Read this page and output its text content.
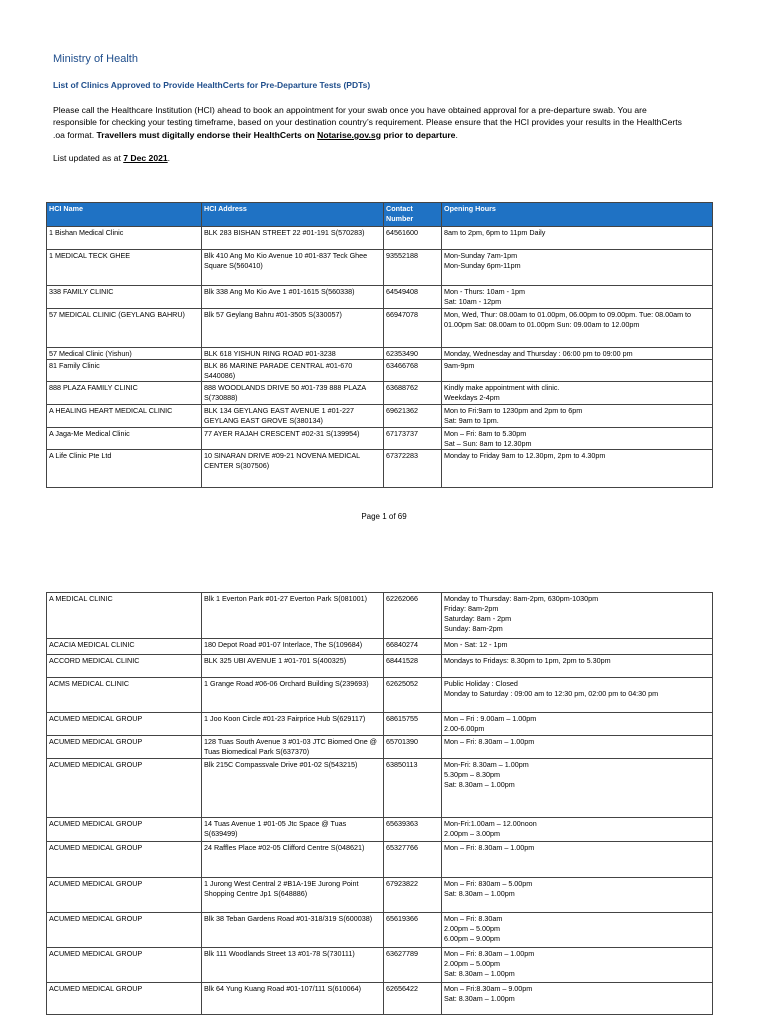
Ministry of Health
List of Clinics Approved to Provide HealthCerts for Pre-Departure Tests (PDTs)
Please call the Healthcare Institution (HCI) ahead to book an appointment for your swab once you have obtained approval for a pre-departure swab. You are responsible for checking your testing timeframe, based on your destination country’s requirement. Please ensure that the HCI provides your results in the HealthCerts .oa format. Travellers must digitally endorse their HealthCerts on Notarise.gov.sg prior to departure.
List updated as at 7 Dec 2021.
HCI Name	HCI Address	Contact Number	Opening Hours
1 Bishan Medical Clinic	BLK 283 BISHAN STREET 22 #01-191 S(570283)	64561600	8am to 2pm, 6pm to 11pm Daily
1 MEDICAL TECK GHEE	Blk 410 Ang Mo Kio Avenue 10 #01-837 Teck Ghee Square S(560410)	93552188	Mon-Sunday 7am-1pm
Mon-Sunday 6pm-11pm
338 FAMILY CLINIC	Blk 338 Ang Mo Kio Ave 1 #01-1615 S(560338)	64549408	Mon - Thurs: 10am - 1pm
Sat: 10am - 12pm
57 MEDICAL CLINIC (GEYLANG BAHRU)	Blk 57 Geylang Bahru #01-3505 S(330057)	66947078	Mon, Wed, Thur: 08.00am to 01.00pm, 06.00pm to 09.00pm. Tue: 08.00am to 01.00pm Sat: 08.00am to 01.00pm Sun: 09.00am to 12.00pm
57 Medical Clinic (Yishun)	BLK 618 YISHUN RING ROAD #01-3238	62353490	Monday, Wednesday and Thursday : 06:00 pm to 09:00 pm
81 Family Clinic	BLK 86 MARINE PARADE CENTRAL #01-670 S440086)	63466768	9am-9pm
888 PLAZA FAMILY CLINIC	888 WOODLANDS DRIVE 50 #01-739 888 PLAZA S(730888)	63688762	Kindly make appointment with clinic.
Weekdays 2-4pm
A HEALING HEART MEDICAL CLINIC	BLK 134 GEYLANG EAST AVENUE 1 #01-227 GEYLANG EAST GROVE S(380134)	69621362	Mon to Fri:9am to 1230pm and 2pm to 6pm
Sat: 9am to 1pm.
A Jaga-Me Medical Clinic	77 AYER RAJAH CRESCENT #02-31 S(139954)	67173737	Mon – Fri: 8am to 5.30pm
Sat – Sun: 8am to 12.30pm
A Life Clinic Pte Ltd	10 SINARAN DRIVE #09-21 NOVENA MEDICAL CENTER S(307506)	67372283	Monday to Friday 9am to 12.30pm, 2pm to 4.30pm
Page 1 of 69
A MEDICAL CLINIC	Blk 1 Everton Park #01-27 Everton Park S(081001)	62262066	Monday to Thursday: 8am-2pm, 630pm-1030pm
Friday: 8am-2pm
Saturday: 8am - 2pm
Sunday: 8am-2pm
ACACIA MEDICAL CLINIC	180 Depot Road #01-07 Interlace, The S(109684)	66840274	Mon - Sat: 12 - 1pm
ACCORD MEDICAL CLINIC	BLK 325 UBI AVENUE 1 #01-701 S(400325)	68441528	Mondays to Fridays: 8.30pm to 1pm, 2pm to 5.30pm
ACMS MEDICAL CLINIC	1 Grange Road #06-06 Orchard Building S(239693)	62625052	Public Holiday : Closed
Monday to Saturday : 09:00 am to 12:30 pm, 02:00 pm to 04:30 pm
ACUMED MEDICAL GROUP	1 Joo Koon Circle #01-23 Fairprice Hub S(629117)	68615755	Mon – Fri : 9.00am – 1.00pm
2.00-6.00pm
ACUMED MEDICAL GROUP	128 Tuas South Avenue 3 #01-03 JTC Biomed One @ Tuas Biomedical Park S(637370)	65701390	Mon – Fri: 8.30am – 1.00pm
ACUMED MEDICAL GROUP	Blk 215C Compassvale Drive #01-02 S(543215)	63850113	Mon-Fri: 8.30am – 1.00pm
5.30pm – 8.30pm
Sat: 8.30am – 1.00pm
ACUMED MEDICAL GROUP	14 Tuas Avenue 1 #01-05 Jtc Space @ Tuas S(639499)	65639363	Mon-Fri:1.00am – 12.00noon
2.00pm – 3.00pm
ACUMED MEDICAL GROUP	24 Raffles Place #02-05 Clifford Centre S(048621)	65327766	Mon – Fri: 8.30am – 1.00pm
ACUMED MEDICAL GROUP	1 Jurong West Central 2 #B1A-19E Jurong Point Shopping Centre Jp1 S(648886)	67923822	Mon – Fri: 830am – 5.00pm
Sat: 8.30am – 1.00pm
ACUMED MEDICAL GROUP	Blk 38 Teban Gardens Road #01-318/319 S(600038)	65619366	Mon – Fri: 8.30am
2.00pm – 5.00pm
6.00pm – 9.00pm
ACUMED MEDICAL GROUP	Blk 111 Woodlands Street 13 #01-78 S(730111)	63627789	Mon – Fri: 8.30am – 1.00pm
2.00pm – 5.00pm
Sat: 8.30am – 1.00pm
ACUMED MEDICAL GROUP	Blk 64 Yung Kuang Road #01-107/111 S(610064)	62656422	Mon – Fri:8.30am – 9.00pm
Sat: 8.30am – 1.00pm
